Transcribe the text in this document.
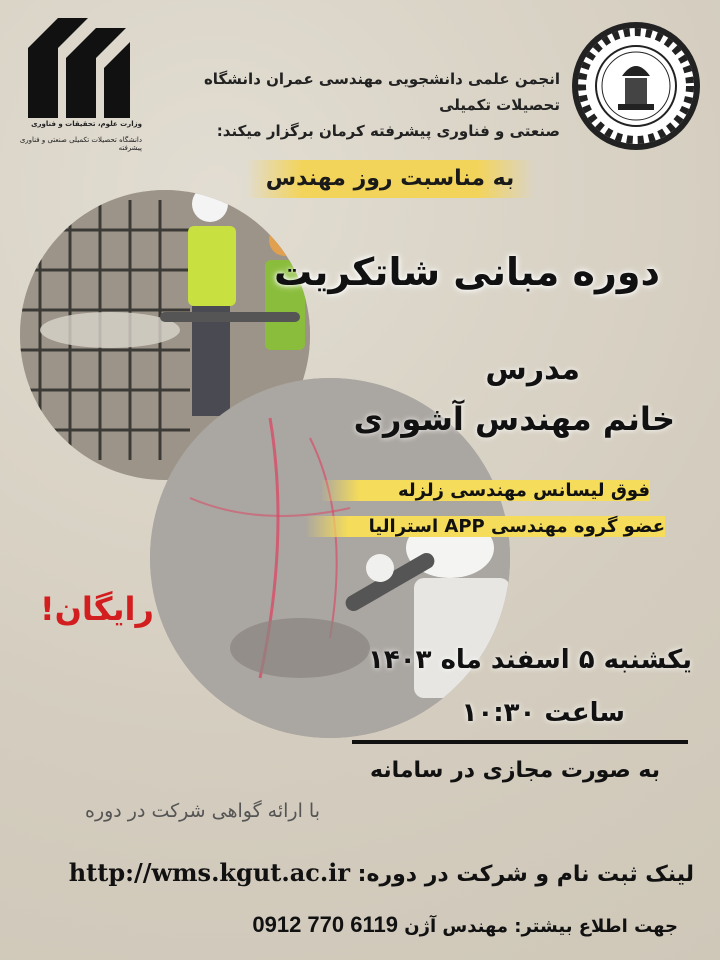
وزارت علوم، تحقیقات و فناوری
دانشگاه تحصیلات تکمیلی صنعتی و فناوری پیشرفته
انجمن علمی دانشجویی مهندسی عمران دانشگاه تحصیلات تکمیلی
صنعتی و فناوری پیشرفته کرمان برگزار میکند:
به مناسبت روز مهندس
دوره مبانی شاتکریت
مدرس
خانم مهندس آشوری
فوق لیسانس مهندسی زلزله
عضو گروه مهندسی APP استرالیا
رایگان!
یکشنبه ۵ اسفند ماه ۱۴۰۳
ساعت ۱۰:۳۰
به صورت مجازی در سامانه
با ارائه گواهی شرکت در دوره
لینک ثبت نام و شرکت در دوره: http://wms.kgut.ac.ir
جهت اطلاع بیشتر: مهندس آژن 0912 770 6119
